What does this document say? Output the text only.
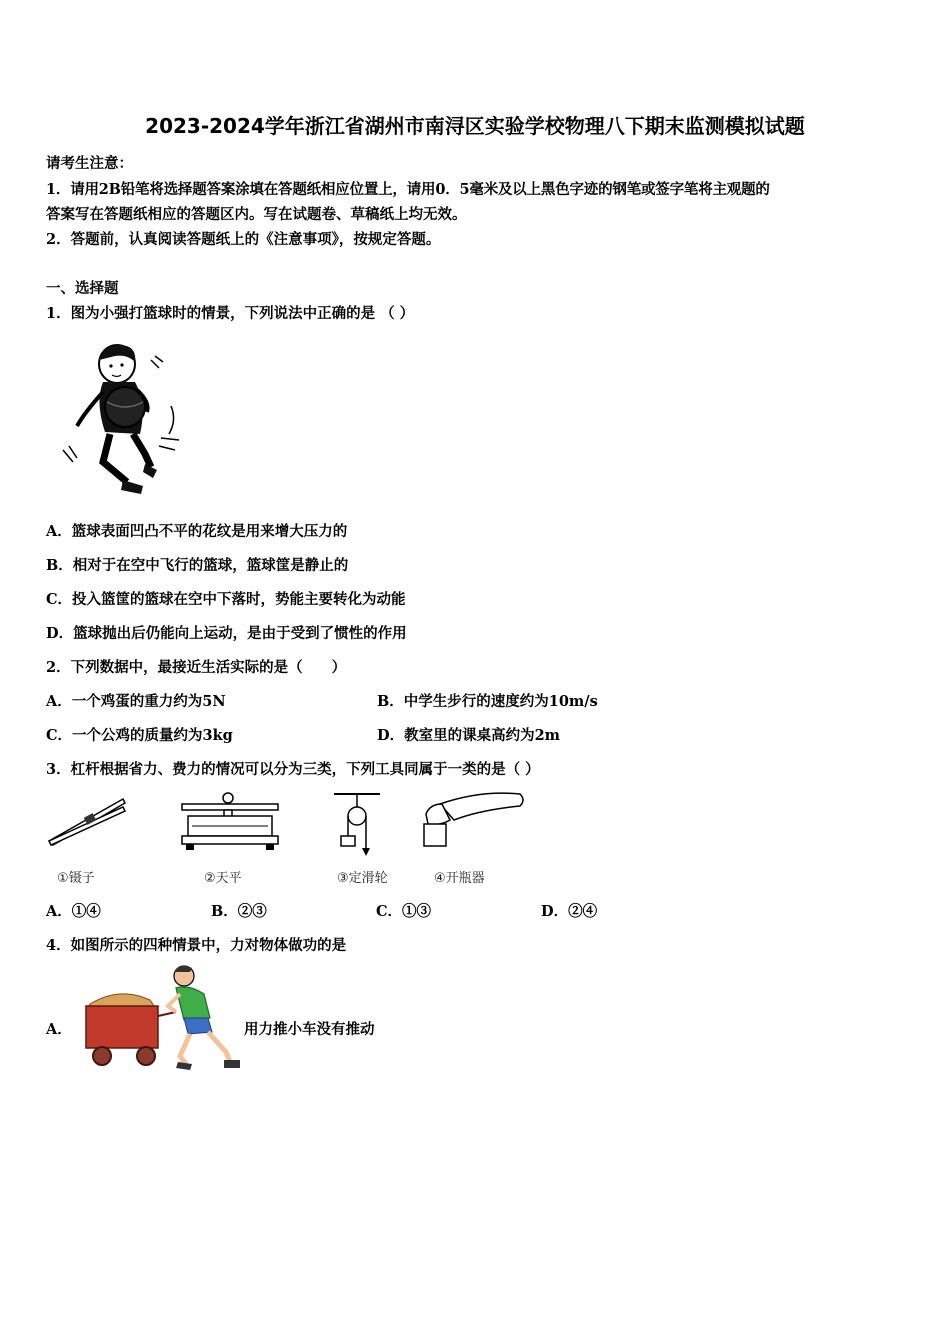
2023-2024学年浙江省湖州市南浔区实验学校物理八下期末监测模拟试题
请考生注意：
1．请用2B铅笔将选择题答案涂填在答题纸相应位置上，请用0．5毫米及以上黑色字迹的钢笔或签字笔将主观题的
答案写在答题纸相应的答题区内。写在试题卷、草稿纸上均无效。
2．答题前，认真阅读答题纸上的《注意事项》，按规定答题。
一、选择题
1．图为小强打篮球时的情景，下列说法中正确的是 （ ）
A．篮球表面凹凸不平的花纹是用来增大压力的
B．相对于在空中飞行的篮球，篮球筐是静止的
C．投入篮筐的篮球在空中下落时，势能主要转化为动能
D．篮球抛出后仍能向上运动，是由于受到了惯性的作用
2．下列数据中，最接近生活实际的是（　　）
A．一个鸡蛋的重力约为5N	B．中学生步行的速度约为10m/s
C．一个公鸡的质量约为3kg	D．教室里的课桌高约为2m
3．杠杆根据省力、费力的情况可以分为三类，下列工具同属于一类的是（ ）
①镊子	②天平	③定滑轮	④开瓶器
A．①④	B．②③	C．①③	D．②④
4．如图所示的四种情景中，力对物体做功的是
A．	用力推小车没有推动
